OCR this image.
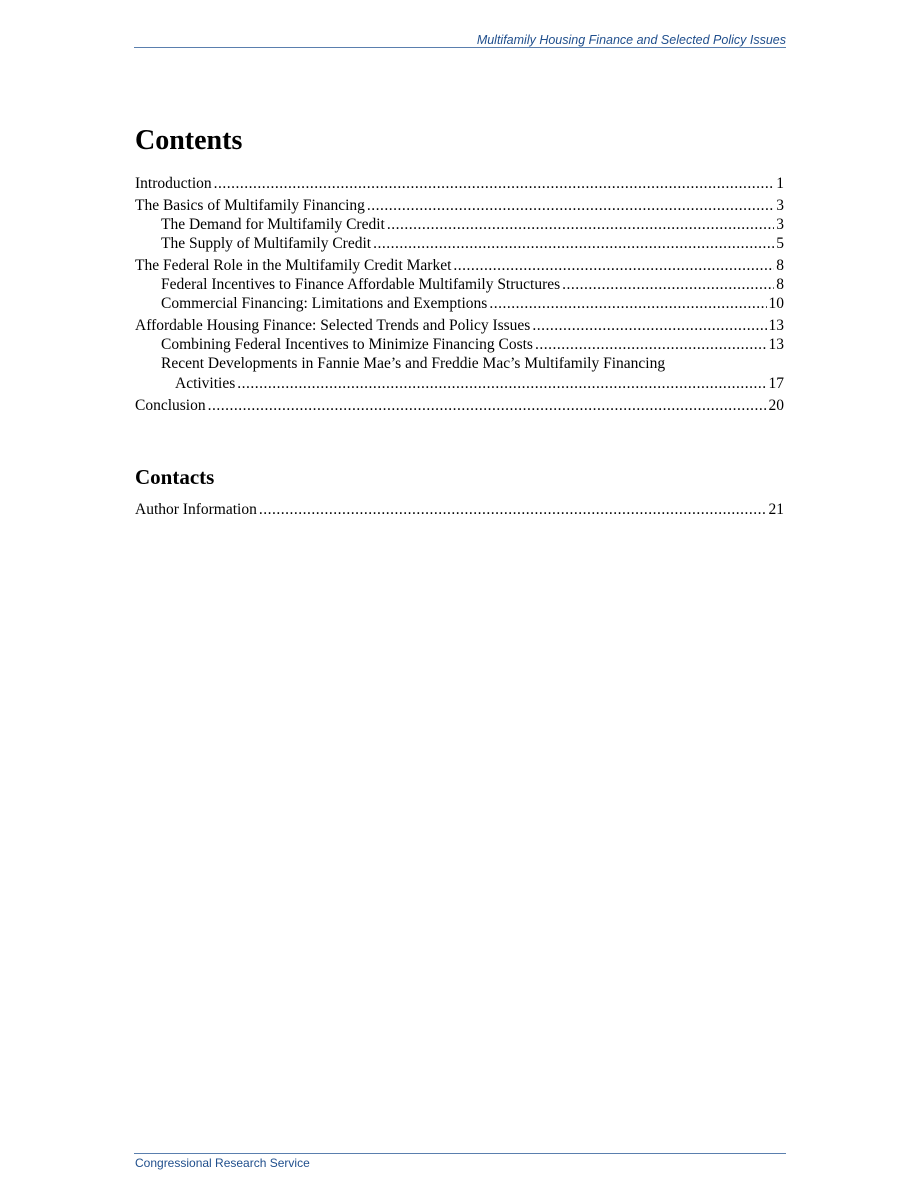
Multifamily Housing Finance and Selected Policy Issues
Contents
Introduction .....	1
The Basics of Multifamily Financing .....	3
The Demand for Multifamily Credit .....	3
The Supply of Multifamily Credit .....	5
The Federal Role in the Multifamily Credit Market .....	8
Federal Incentives to Finance Affordable Multifamily Structures .....	8
Commercial Financing: Limitations and Exemptions .....	10
Affordable Housing Finance: Selected Trends and Policy Issues .....	13
Combining Federal Incentives to Minimize Financing Costs .....	13
Recent Developments in Fannie Mae’s and Freddie Mac’s Multifamily Financing
Activities .....	17
Conclusion .....	20
Contacts
Author Information .....	21
Congressional Research Service
